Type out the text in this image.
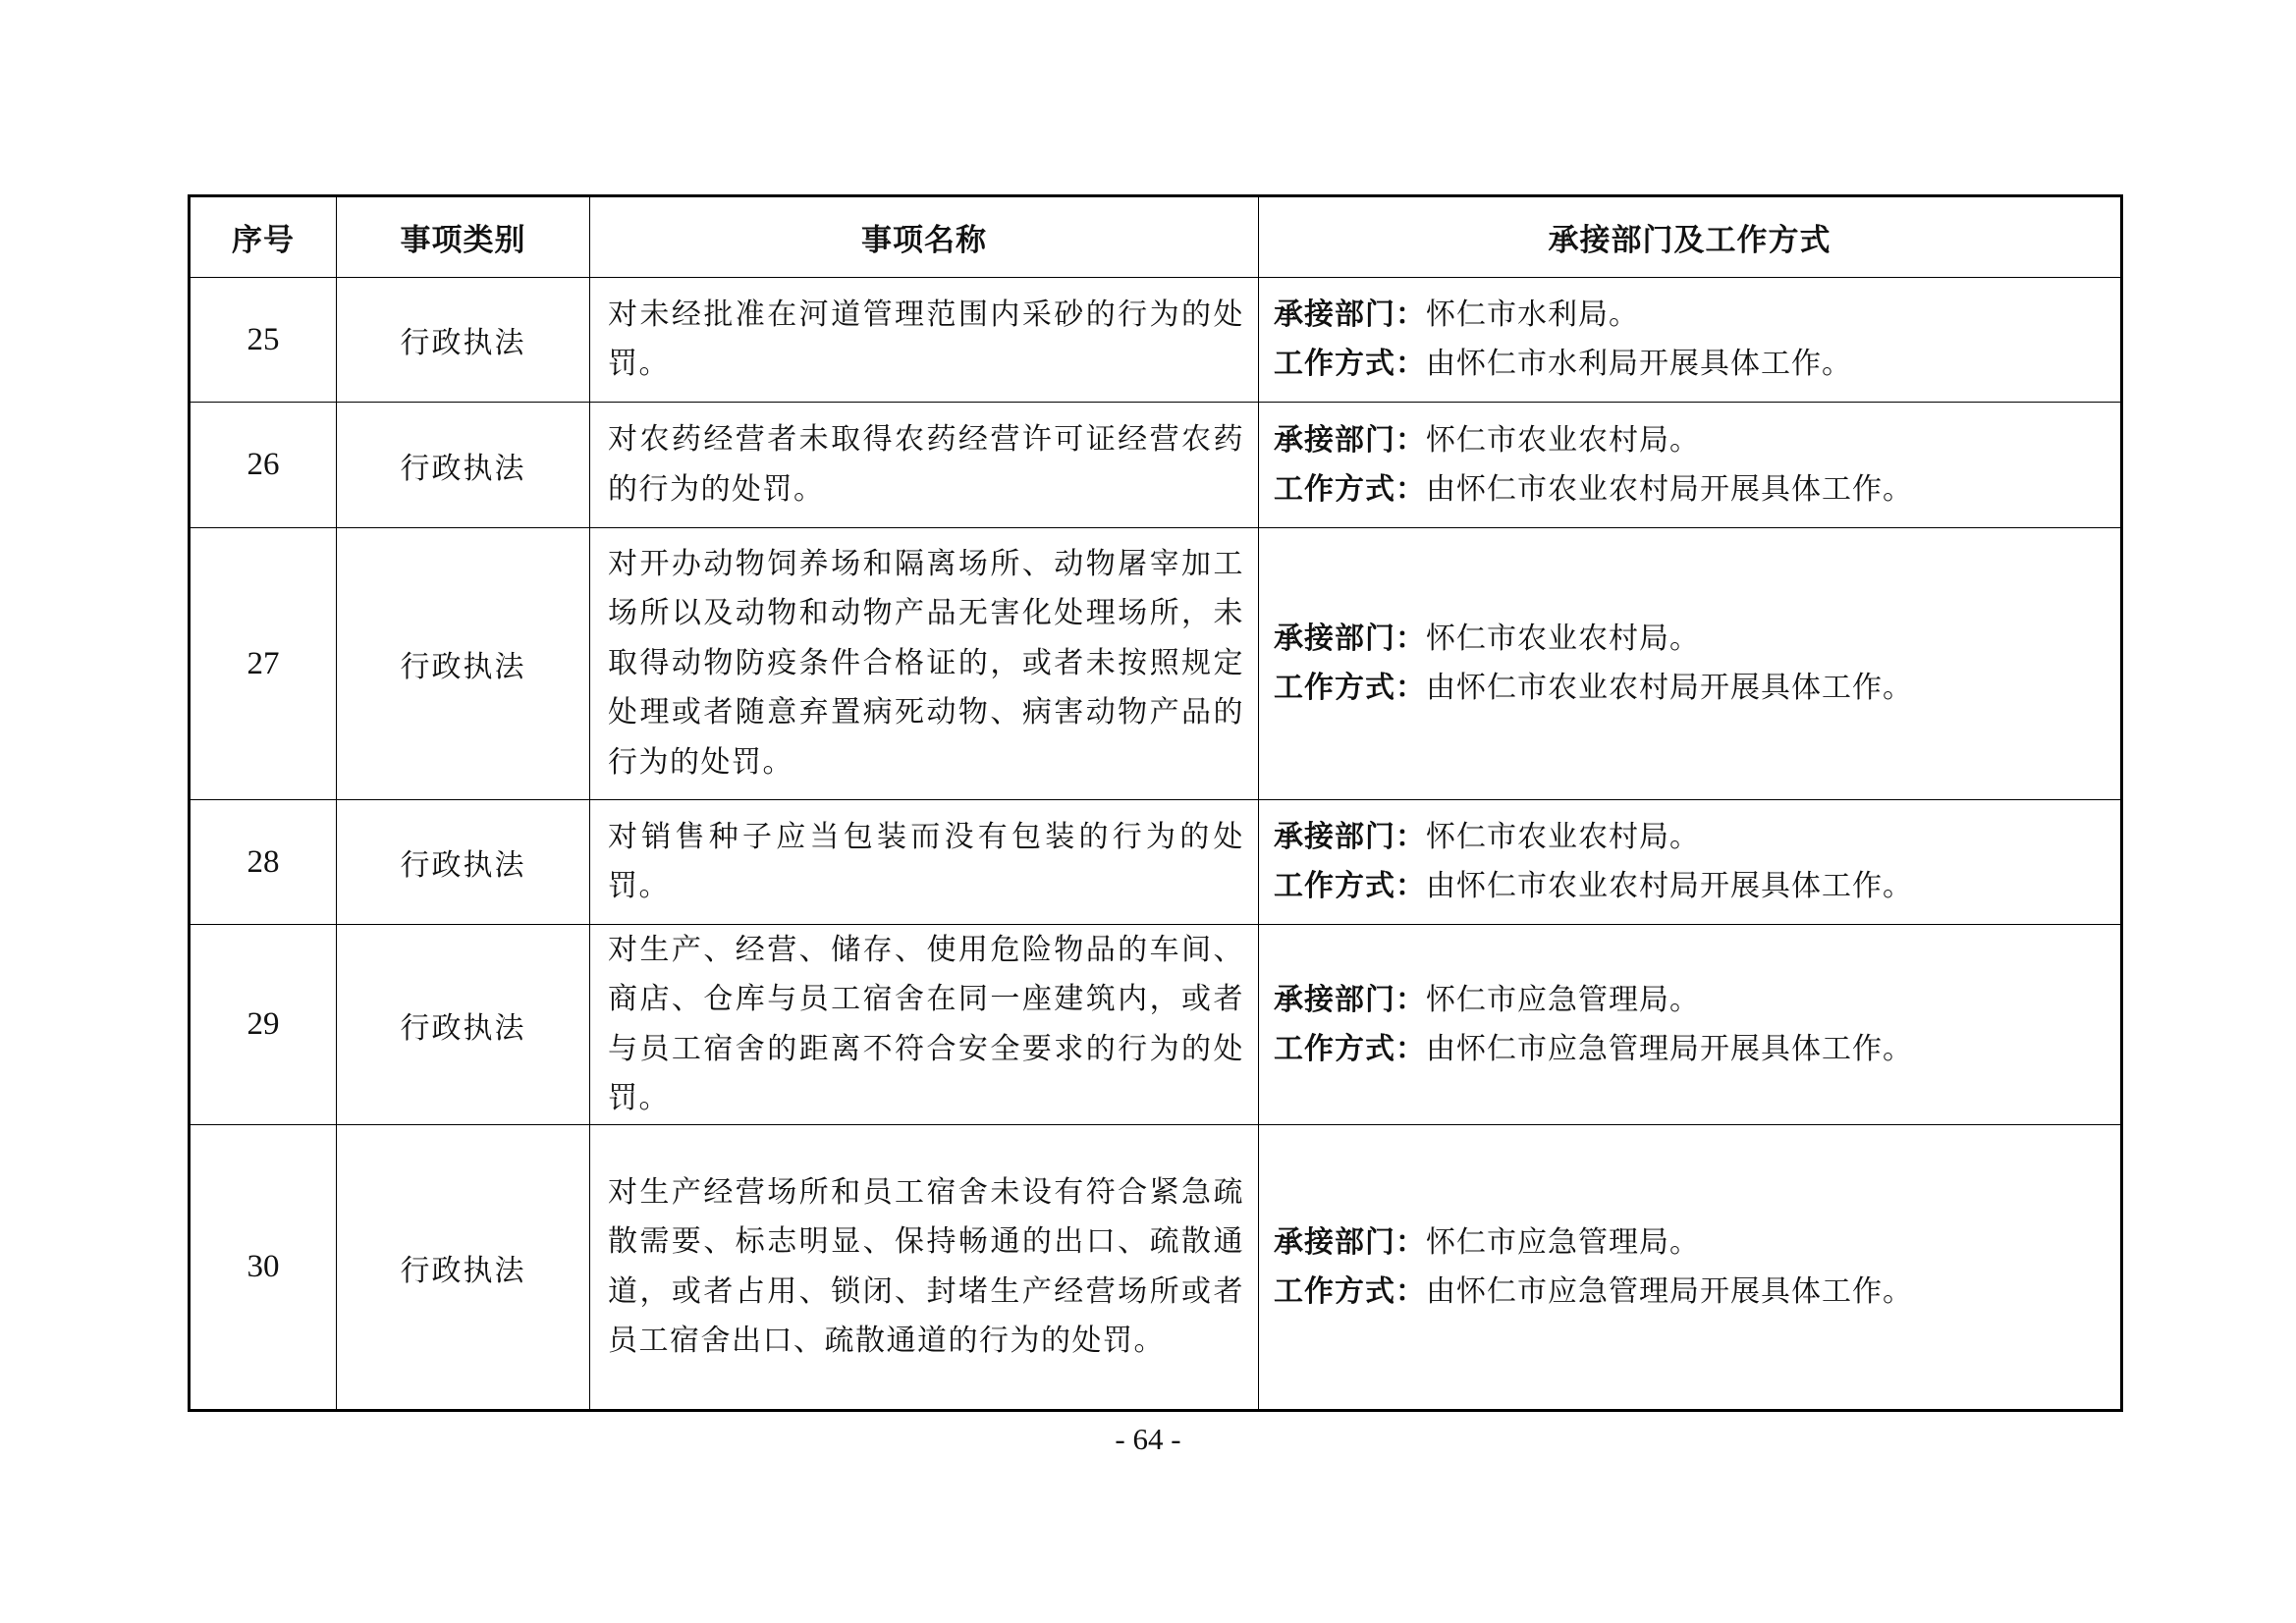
序号	事项类别	事项名称	承接部门及工作方式
25	行政执法	对未经批准在河道管理范围内采砂的行为的处罚。	承接部门：怀仁市水利局。
工作方式：由怀仁市水利局开展具体工作。

26	行政执法	对农药经营者未取得农药经营许可证经营农药的行为的处罚。	承接部门：怀仁市农业农村局。
工作方式：由怀仁市农业农村局开展具体工作。

27	行政执法	对开办动物饲养场和隔离场所、动物屠宰加工场所以及动物和动物产品无害化处理场所，未取得动物防疫条件合格证的，或者未按照规定处理或者随意弃置病死动物、病害动物产品的行为的处罚。	承接部门：怀仁市农业农村局。
工作方式：由怀仁市农业农村局开展具体工作。

28	行政执法	对销售种子应当包装而没有包装的行为的处罚。	承接部门：怀仁市农业农村局。
工作方式：由怀仁市农业农村局开展具体工作。

29	行政执法	对生产、经营、储存、使用危险物品的车间、商店、仓库与员工宿舍在同一座建筑内，或者与员工宿舍的距离不符合安全要求的行为的处罚。	承接部门：怀仁市应急管理局。
工作方式：由怀仁市应急管理局开展具体工作。

30	行政执法	对生产经营场所和员工宿舍未设有符合紧急疏散需要、标志明显、保持畅通的出口、疏散通道，或者占用、锁闭、封堵生产经营场所或者员工宿舍出口、疏散通道的行为的处罚。	承接部门：怀仁市应急管理局。
工作方式：由怀仁市应急管理局开展具体工作。
- 64 -
